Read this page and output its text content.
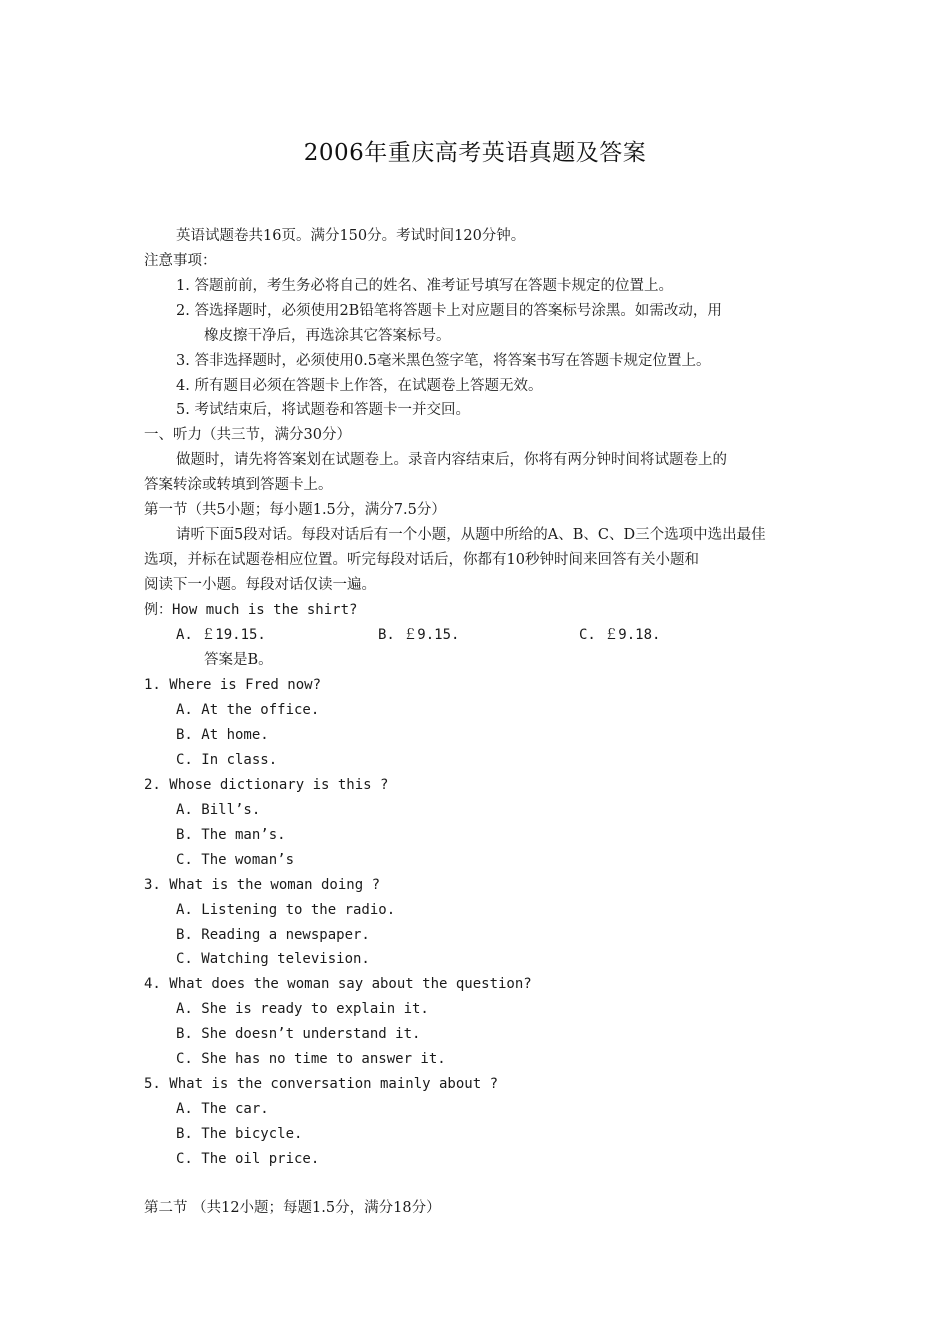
2006年重庆高考英语真题及答案
英语试题卷共16页。满分150分。考试时间120分钟。
注意事项：
1. 答题前前，考生务必将自己的姓名、准考证号填写在答题卡规定的位置上。
2. 答选择题时，必须使用2B铅笔将答题卡上对应题目的答案标号涂黑。如需改动，用
橡皮擦干净后，再选涂其它答案标号。
3. 答非选择题时，必须使用0.5毫米黑色签字笔，将答案书写在答题卡规定位置上。
4. 所有题目必须在答题卡上作答，在试题卷上答题无效。
5. 考试结束后，将试题卷和答题卡一并交回。
一、听力（共三节，满分30分）
做题时，请先将答案划在试题卷上。录音内容结束后，你将有两分钟时间将试题卷上的
答案转涂或转填到答题卡上。
第一节（共5小题；每小题1.5分，满分7.5分）
请听下面5段对话。每段对话后有一个小题，从题中所给的A、B、C、D三个选项中选出最佳
选项，并标在试题卷相应位置。听完每段对话后，你都有10秒钟时间来回答有关小题和
阅读下一小题。每段对话仅读一遍。
例：How much is the shirt?
A. ￡19.15.	B. ￡9.15.	C. ￡9.18.
答案是B。
1. Where is Fred now?
A. At the office.
B. At home.
C. In class.
2. Whose dictionary is this ?
A. Bill’s.
B. The man’s.
C. The woman’s
3. What is the woman doing ?
A. Listening to the radio.
B. Reading a newspaper.
C. Watching television.
4. What does the woman say about the question?
A. She is ready to explain it.
B. She doesn’t understand it.
C. She has no time to answer it.
5. What is the conversation mainly about ?
A. The car.
B. The bicycle.
C. The oil price.
第二节 （共12小题；每题1.5分，满分18分）
